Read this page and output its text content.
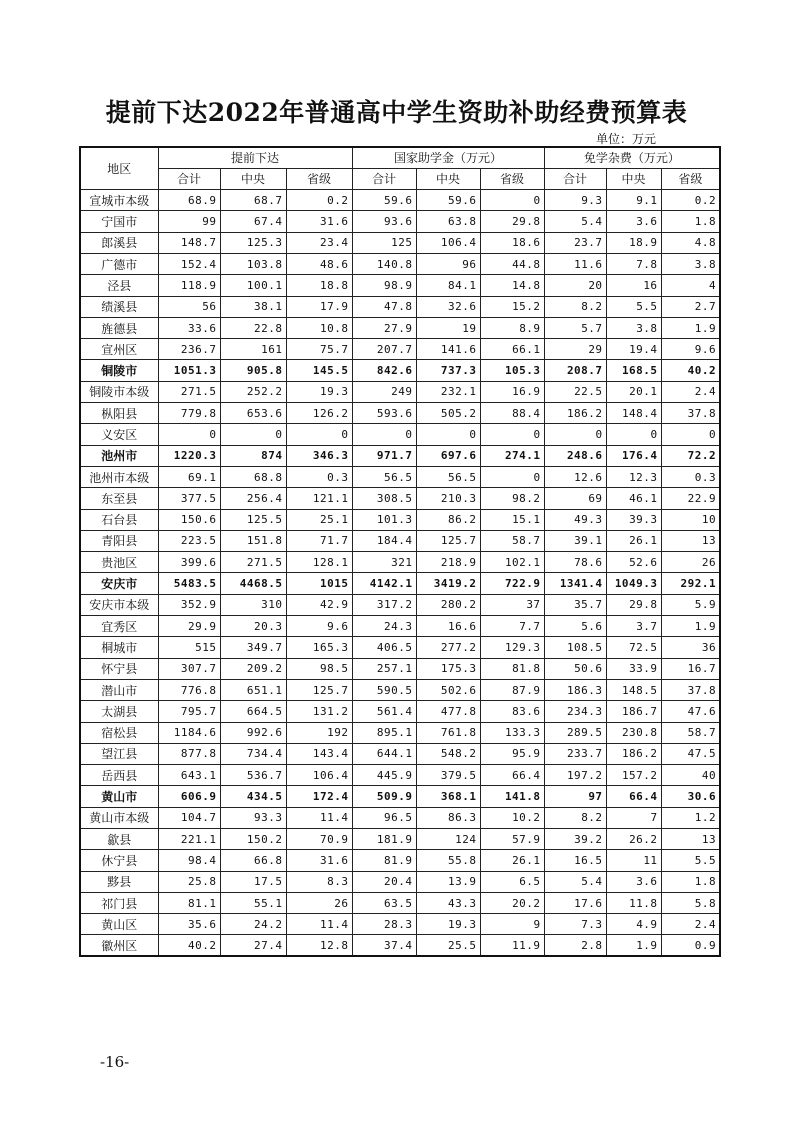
提前下达2022年普通高中学生资助补助经费预算表
单位：万元
地区	提前下达			国家助学金（万元）			免学杂费（万元）		
	合计	中央	省级	合计	中央	省级	合计	中央	省级
宣城市本级	68.9	68.7	0.2	59.6	59.6	0	9.3	9.1	0.2
宁国市	99	67.4	31.6	93.6	63.8	29.8	5.4	3.6	1.8
郎溪县	148.7	125.3	23.4	125	106.4	18.6	23.7	18.9	4.8
广德市	152.4	103.8	48.6	140.8	96	44.8	11.6	7.8	3.8
泾县	118.9	100.1	18.8	98.9	84.1	14.8	20	16	4
绩溪县	56	38.1	17.9	47.8	32.6	15.2	8.2	5.5	2.7
旌德县	33.6	22.8	10.8	27.9	19	8.9	5.7	3.8	1.9
宣州区	236.7	161	75.7	207.7	141.6	66.1	29	19.4	9.6
铜陵市	1051.3	905.8	145.5	842.6	737.3	105.3	208.7	168.5	40.2
铜陵市本级	271.5	252.2	19.3	249	232.1	16.9	22.5	20.1	2.4
枞阳县	779.8	653.6	126.2	593.6	505.2	88.4	186.2	148.4	37.8
义安区	0	0	0	0	0	0	0	0	0
池州市	1220.3	874	346.3	971.7	697.6	274.1	248.6	176.4	72.2
池州市本级	69.1	68.8	0.3	56.5	56.5	0	12.6	12.3	0.3
东至县	377.5	256.4	121.1	308.5	210.3	98.2	69	46.1	22.9
石台县	150.6	125.5	25.1	101.3	86.2	15.1	49.3	39.3	10
青阳县	223.5	151.8	71.7	184.4	125.7	58.7	39.1	26.1	13
贵池区	399.6	271.5	128.1	321	218.9	102.1	78.6	52.6	26
安庆市	5483.5	4468.5	1015	4142.1	3419.2	722.9	1341.4	1049.3	292.1
安庆市本级	352.9	310	42.9	317.2	280.2	37	35.7	29.8	5.9
宜秀区	29.9	20.3	9.6	24.3	16.6	7.7	5.6	3.7	1.9
桐城市	515	349.7	165.3	406.5	277.2	129.3	108.5	72.5	36
怀宁县	307.7	209.2	98.5	257.1	175.3	81.8	50.6	33.9	16.7
潜山市	776.8	651.1	125.7	590.5	502.6	87.9	186.3	148.5	37.8
太湖县	795.7	664.5	131.2	561.4	477.8	83.6	234.3	186.7	47.6
宿松县	1184.6	992.6	192	895.1	761.8	133.3	289.5	230.8	58.7
望江县	877.8	734.4	143.4	644.1	548.2	95.9	233.7	186.2	47.5
岳西县	643.1	536.7	106.4	445.9	379.5	66.4	197.2	157.2	40
黄山市	606.9	434.5	172.4	509.9	368.1	141.8	97	66.4	30.6
黄山市本级	104.7	93.3	11.4	96.5	86.3	10.2	8.2	7	1.2
歙县	221.1	150.2	70.9	181.9	124	57.9	39.2	26.2	13
休宁县	98.4	66.8	31.6	81.9	55.8	26.1	16.5	11	5.5
黟县	25.8	17.5	8.3	20.4	13.9	6.5	5.4	3.6	1.8
祁门县	81.1	55.1	26	63.5	43.3	20.2	17.6	11.8	5.8
黄山区	35.6	24.2	11.4	28.3	19.3	9	7.3	4.9	2.4
徽州区	40.2	27.4	12.8	37.4	25.5	11.9	2.8	1.9	0.9
-16-
